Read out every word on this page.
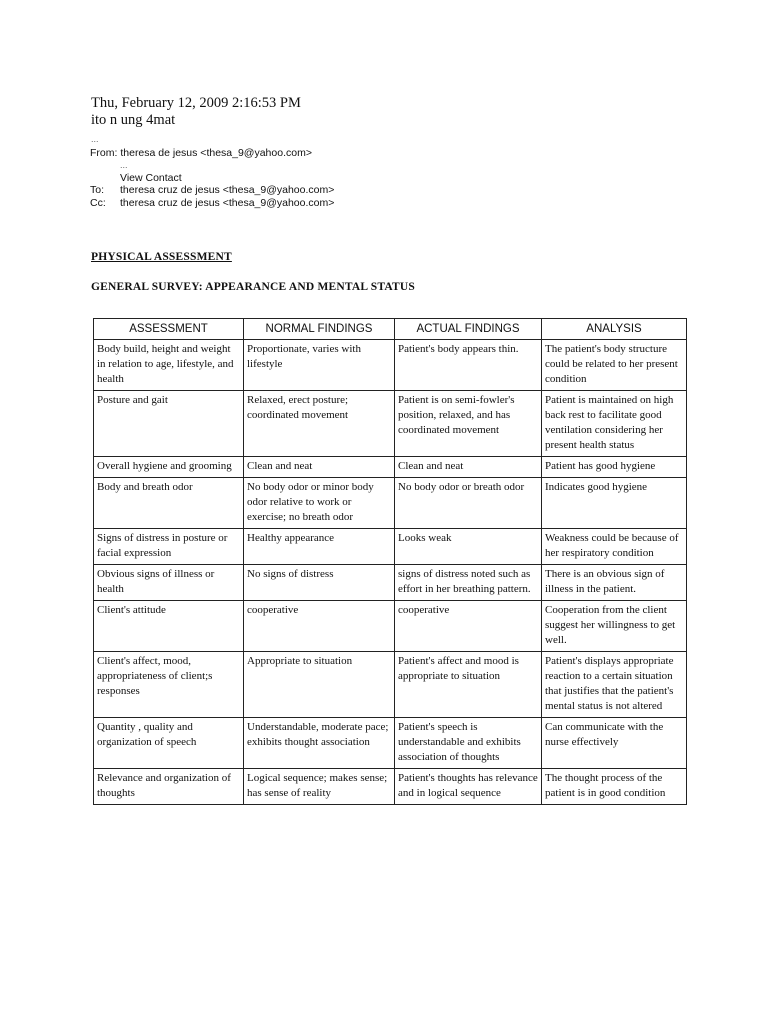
Thu, February 12, 2009 2:16:53 PM
ito n ung 4mat
...
From: theresa de jesus <thesa_9@yahoo.com>
...
View Contact
To: theresa cruz de jesus <thesa_9@yahoo.com>
Cc: theresa cruz de jesus <thesa_9@yahoo.com>
PHYSICAL ASSESSMENT
GENERAL SURVEY: APPEARANCE AND MENTAL STATUS
ASSESSMENT	NORMAL FINDINGS	ACTUAL FINDINGS	ANALYSIS
Body build, height and weight in relation to age, lifestyle, and health	Proportionate, varies with lifestyle	Patient's body appears thin.	The patient's body structure could be related to her present condition
Posture and gait	Relaxed, erect posture; coordinated movement	Patient is on semi-fowler's position, relaxed, and has coordinated movement	Patient is maintained on high back rest to facilitate good ventilation considering her present health status
Overall hygiene and grooming	Clean and neat	Clean and neat	Patient has good hygiene
Body and breath odor	No body odor or minor body odor relative to work or exercise; no breath odor	No body odor or breath odor	Indicates good hygiene
Signs of distress in posture or facial expression	Healthy appearance	Looks weak	Weakness could be because of her respiratory condition
Obvious signs of illness or health	No signs of distress	signs of distress noted such as effort in her breathing pattern.	There is an obvious sign of illness in the patient.
Client's attitude	cooperative	cooperative	Cooperation from the client suggest her willingness to get well.
Client's affect, mood, appropriateness of client;s responses	Appropriate to situation	Patient's affect and mood is appropriate to situation	Patient's displays appropriate reaction to a certain situation that justifies that the patient's mental status is not altered
Quantity , quality and organization of speech	Understandable, moderate pace; exhibits thought association	Patient's speech is understandable and exhibits association of thoughts	Can communicate with the nurse effectively
Relevance and organization of thoughts	Logical sequence; makes sense; has sense of reality	Patient's thoughts has relevance and in logical sequence	The thought process of the patient is in good condition
